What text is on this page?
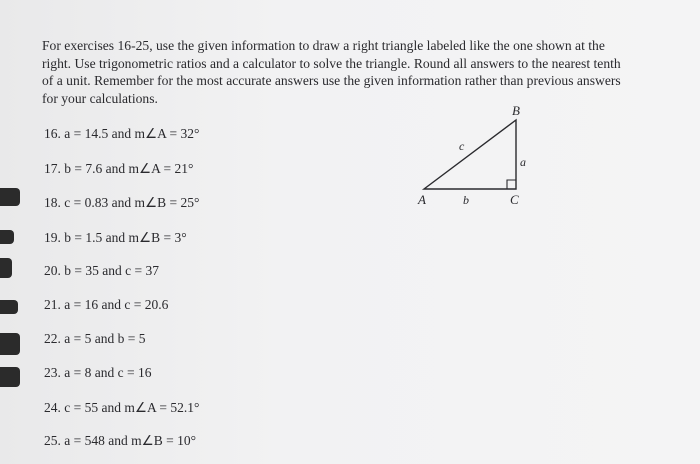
For exercises 16-25, use the given information to draw a right triangle labeled like the one shown at the right. Use trigonometric ratios and a calculator to solve the triangle. Round all answers to the nearest tenth of a unit. Remember for the most accurate answers use the given information rather than previous answers for your calculations.
16. a = 14.5 and m∠A = 32°
17. b = 7.6 and m∠A = 21°
18. c = 0.83 and m∠B = 25°
19. b = 1.5 and m∠B = 3°
20. b = 35 and c = 37
21. a = 16 and c = 20.6
22. a = 5 and b = 5
23. a = 8 and c = 16
24. c = 55 and m∠A = 52.1°
25. a = 548 and m∠B = 10°
A
B
C
a
b
c
